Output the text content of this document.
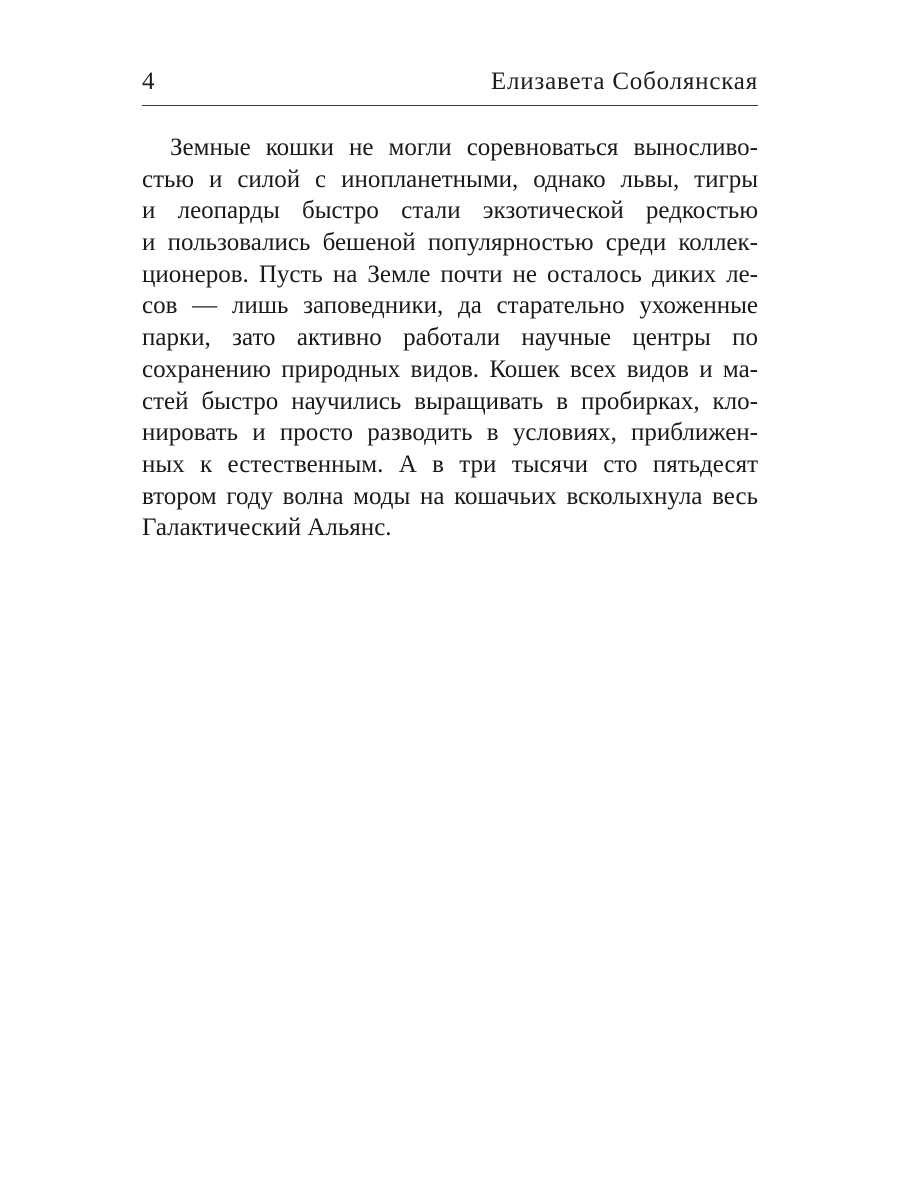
4	Елизавета Соболянская
Земные кошки не могли соревноваться выносливо-
стью и силой с инопланетными, однако львы, тигры
и леопарды быстро стали экзотической редкостью
и пользовались бешеной популярностью среди коллек-
ционеров. Пусть на Земле почти не осталось диких ле-
сов — лишь заповедники, да старательно ухоженные
парки, зато активно работали научные центры по
сохранению природных видов. Кошек всех видов и ма-
стей быстро научились выращивать в пробирках, кло-
нировать и просто разводить в условиях, приближен-
ных к естественным. А в три тысячи сто пятьдесят
втором году волна моды на кошачьих всколыхнула весь
Галактический Альянс.
